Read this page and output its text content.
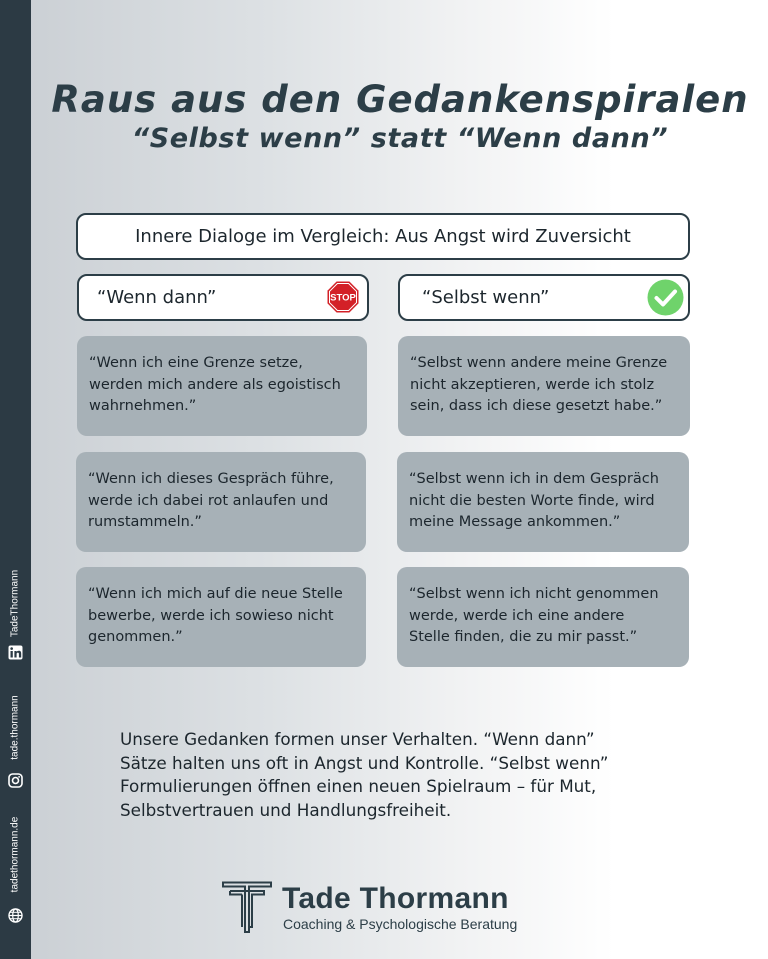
TadeThormann
tade.thormann
tadethormann.de
Raus aus den Gedankenspiralen
“Selbst wenn” statt “Wenn dann”
Innere Dialoge im Vergleich: Aus Angst wird Zuversicht
“Wenn dann”	STOP	“Selbst wenn”
“Wenn ich eine Grenze setze,
werden mich andere als egoistisch
wahrnehmen.”
“Wenn ich dieses Gespräch führe,
werde ich dabei rot anlaufen und
rumstammeln.”
“Wenn ich mich auf die neue Stelle
bewerbe, werde ich sowieso nicht
genommen.”
“Selbst wenn andere meine Grenze
nicht akzeptieren, werde ich stolz
sein, dass ich diese gesetzt habe.”
“Selbst wenn ich in dem Gespräch
nicht die besten Worte finde, wird
meine Message ankommen.”
“Selbst wenn ich nicht genommen
werde, werde ich eine andere
Stelle finden, die zu mir passt.”
Unsere Gedanken formen unser Verhalten. “Wenn dann”
Sätze halten uns oft in Angst und Kontrolle. “Selbst wenn”
Formulierungen öffnen einen neuen Spielraum – für Mut,
Selbstvertrauen und Handlungsfreiheit.
Tade Thormann
Coaching & Psychologische Beratung
